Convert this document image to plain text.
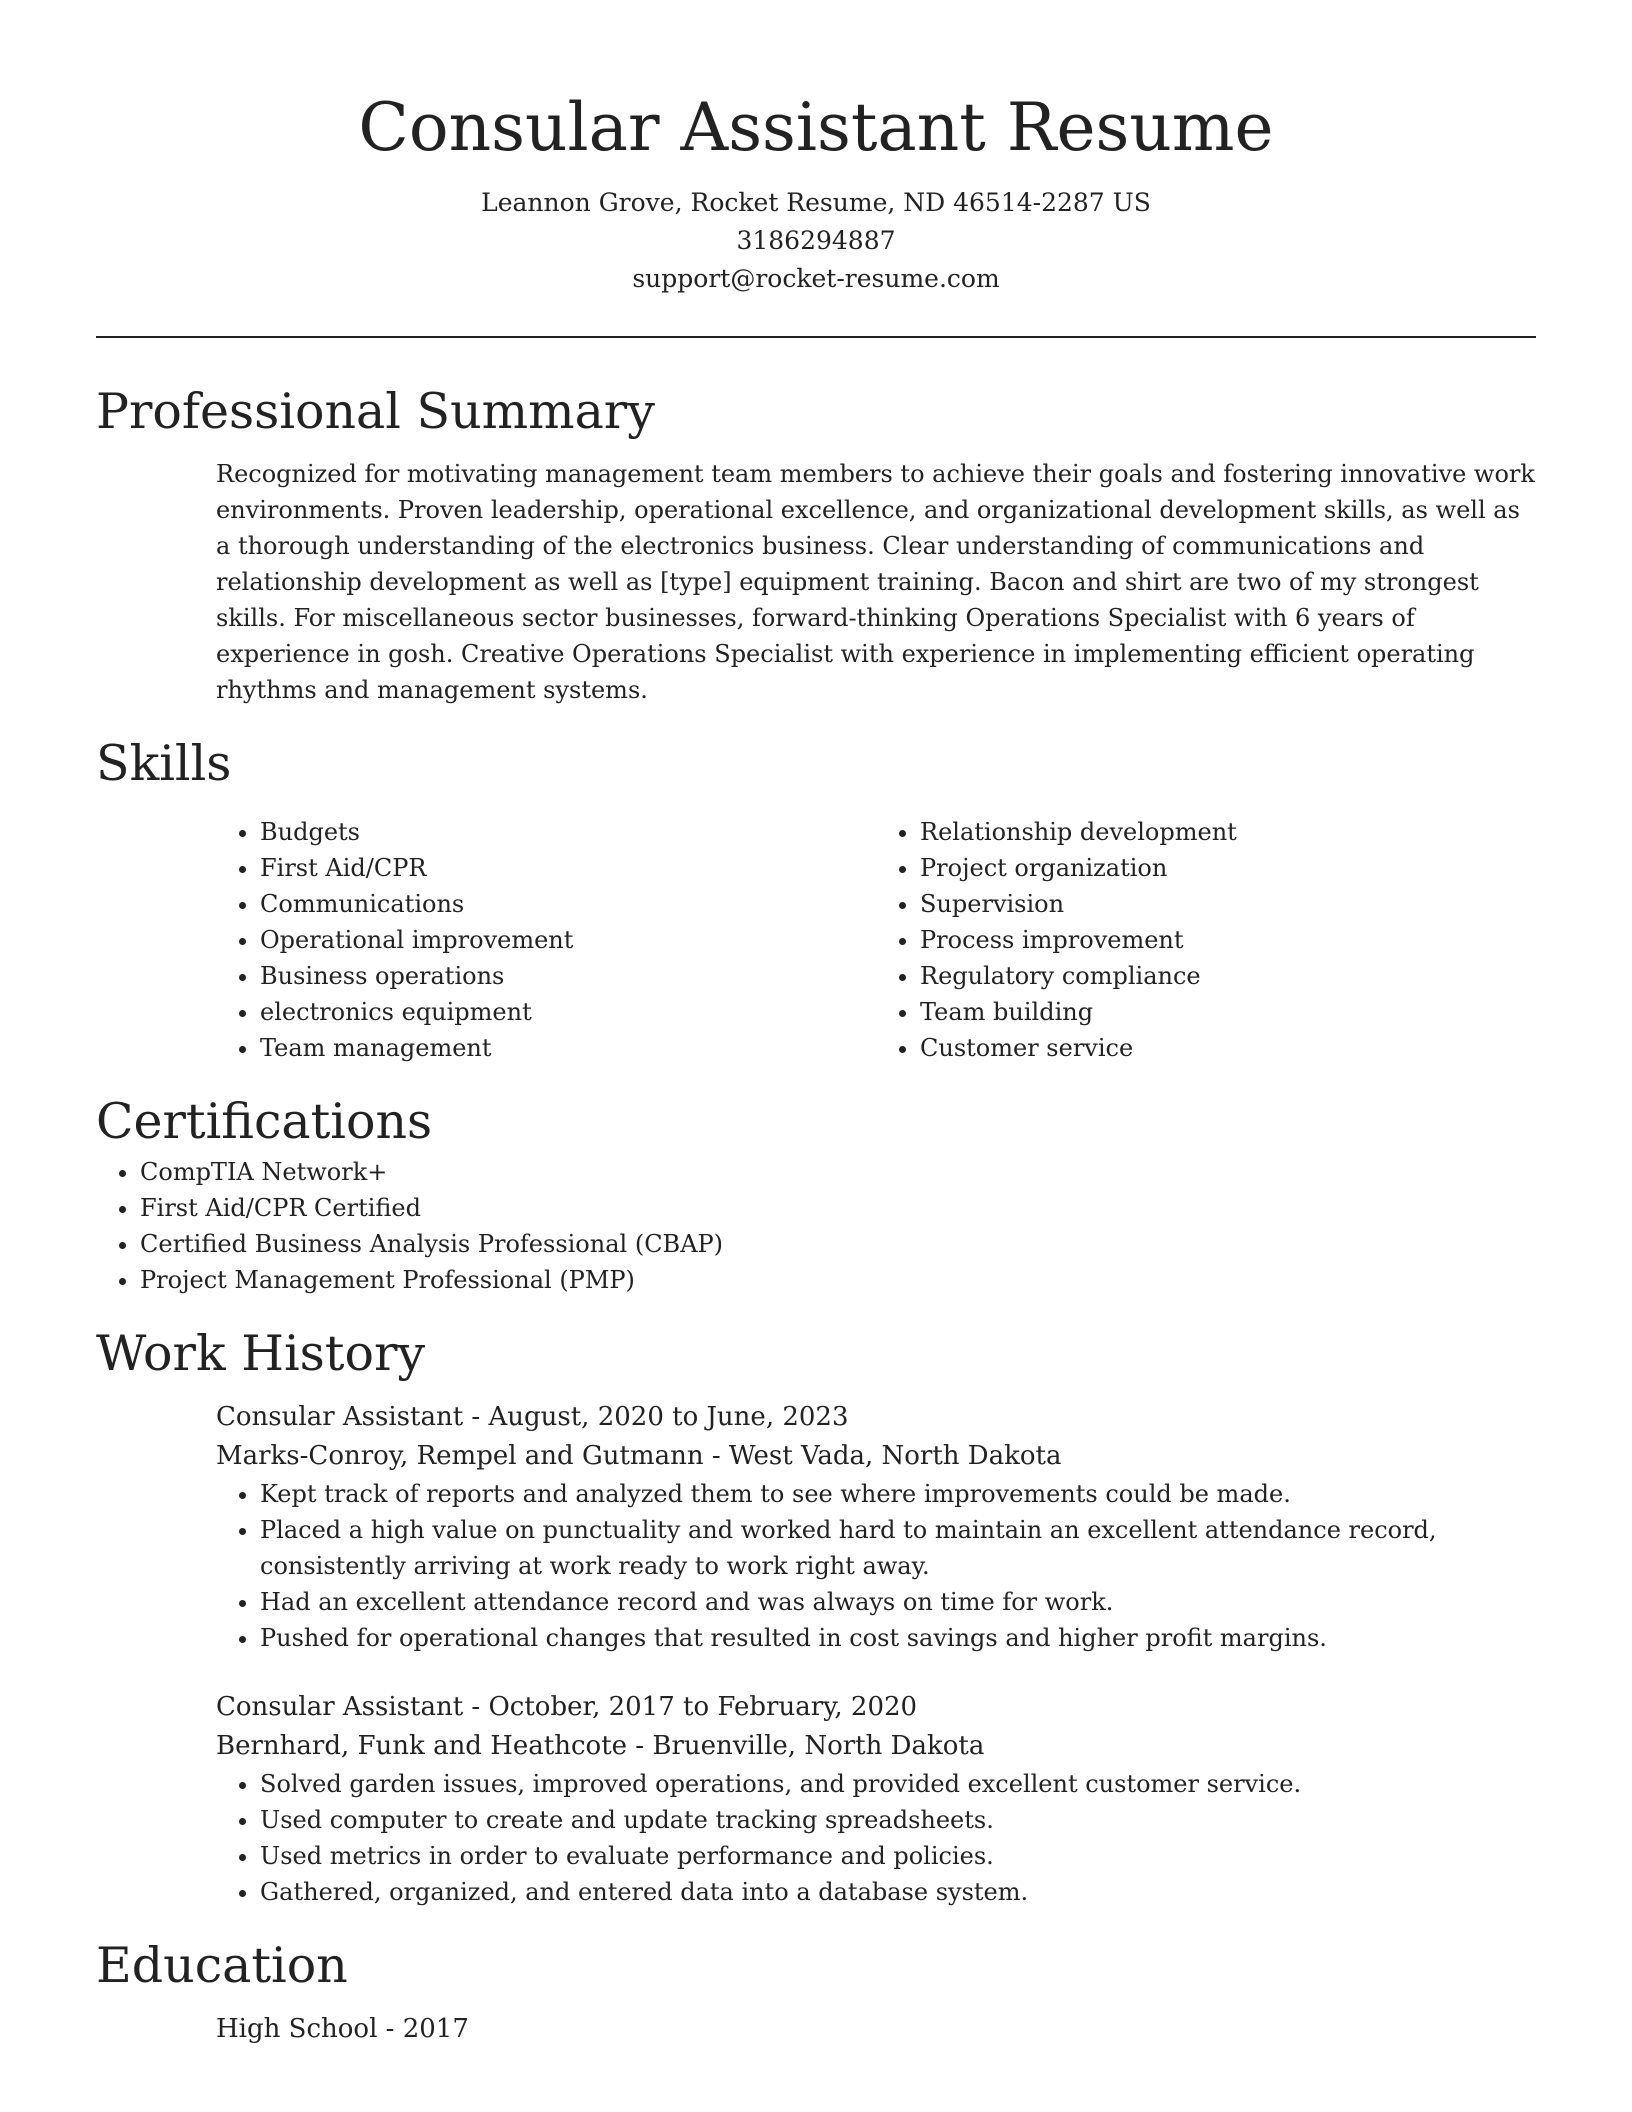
Consular Assistant Resume
Leannon Grove, Rocket Resume, ND 46514-2287 US
3186294887
support@rocket-resume.com
Professional Summary
Recognized for motivating management team members to achieve their goals and fostering innovative work environments. Proven leadership, operational excellence, and organizational development skills, as well as a thorough understanding of the electronics business. Clear understanding of communications and relationship development as well as [type] equipment training. Bacon and shirt are two of my strongest skills. For miscellaneous sector businesses, forward-thinking Operations Specialist with 6 years of experience in gosh. Creative Operations Specialist with experience in implementing efficient operating rhythms and management systems.
Skills
• Budgets
• First Aid/CPR
• Communications
• Operational improvement
• Business operations
• electronics equipment
• Team management
• Relationship development
• Project organization
• Supervision
• Process improvement
• Regulatory compliance
• Team building
• Customer service
Certifications
• CompTIA Network+
• First Aid/CPR Certified
• Certified Business Analysis Professional (CBAP)
• Project Management Professional (PMP)
Work History
Consular Assistant - August, 2020 to June, 2023
Marks-Conroy, Rempel and Gutmann - West Vada, North Dakota
• Kept track of reports and analyzed them to see where improvements could be made.
• Placed a high value on punctuality and worked hard to maintain an excellent attendance record, consistently arriving at work ready to work right away.
• Had an excellent attendance record and was always on time for work.
• Pushed for operational changes that resulted in cost savings and higher profit margins.
Consular Assistant - October, 2017 to February, 2020
Bernhard, Funk and Heathcote - Bruenville, North Dakota
• Solved garden issues, improved operations, and provided excellent customer service.
• Used computer to create and update tracking spreadsheets.
• Used metrics in order to evaluate performance and policies.
• Gathered, organized, and entered data into a database system.
Education
High School - 2017
